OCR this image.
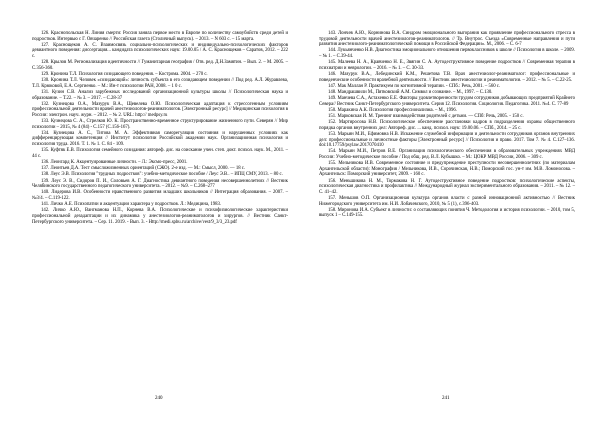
126. Краснопольская Н. Линия смерти: Россия заняла первое место в Европе по количеству самоубийств среди детей и подростков. Интервью с Г. Овчаренко // Российская газета (Столичный выпуск). – 2013. – N 603 с. – 15 марта.

127. Краснощеков А. С. Взаимосвязь социально-психологических и индивидуально-психологических факторов девиантного поведения: диссертация... кандидата психологических наук: 19.00.05 / А. С. Краснощеков – Саратов, 2012. – 222 с.

128. Крылов М. Регионализация идентичности // Гуманитарная география / Отв. ред. Д.Н.Замятин. – Вып. 2. – М. 2005. – С.356-360.

129. Кронина Т.Л. Психология созидающего поведения. – Кострома. 2004. – 270 с.

130. Кронина Т.Л. Человек «созидающий»: личность субъекта в его созидающем поведении // Под ред. А.Л. Журавлева, Т.Л. Крюковой, Е.А. Сергиенко. – М.: Ин-т психологии РАН, 2008. – 1 0 с.

131. Кузин С.В. Анализ зарубежных исследований организационной культуры школы // Психологическая наука и образование. – Т.22. – № 3. – 2017. – С.28-37

132. Кузнецова О.А., Мазурук В.А., Щевелева О.Ю. Психологическая адаптация к стрессогенным условиям профессиональной деятельности врачей анестезиологов-реаниматологов. [Электронный ресурс] // Медицинская психология в России: электрон. науч. журн. – 2012. – № 2. URL: http:// medpsy.ru

133. Кузнецова С. А., Стрелков Ю. К. Пространственно-временное структурирование жизненного пути. Северян // Мир психологии – 2015, № 4 (84) - С.157 (С.156-167).

134. Кузнецова А. С., Титова М. А. Эффективная саморегуляция состояния и нарушенных условиях как дифференцирующая компетенция // Институт психологии Российской академии наук. Организационная психология и психология труда. 2016. Т. 1. № 1. С. 84 - 109.

135. Куфтяк Е.В. Психология семейного созидания: автореф. дис. на соискание учен. степ. докт. психол. наук. М., 2011. – 44 с.

136. Леонгард К. Акцентуированные личности. – Л.: Эксмо-пресс, 2001.

137. Леонтьев Д.А. Тест смысложизненных ориентаций (СЖО). 2-е изд. — М.: Смысл, 2000. — 18 с.

138. Леус Э.В. Психология "трудных подростков": учебно-методическое пособие / Леус Э.В.. – ИПЦ СМУ, 2013. – 80 с.

139. Леус Э. В., Сидоров П. И., Соловьев А. Г. Диагностика девиантного поведения несовершеннолетних // Вестник Челябинского государственного педагогического университета. – 2012. – №9. – С.268–277

140. Лидерова И.В. Особенности нравственного развития младших школьников // Интеграция образования. – 2007. – №3/4. – С.119-122.

141. Личко А.Е. Психопатии и акцентуации характера у подростков. Л.: Медицина, 1983.

142. Личко А.Ю., Вангманова Н.П., Корнева В.А. Психологические и психофизиологические характеристики профессиональной дезадаптации и их динамика у анестезиологов-реаниматологов и хирургов. // Вестник Санкт-Петербургского университета. – Сер. 11. 2019. - Вып. 3. - Http://medi.spbu.ru/archive/vest/9_3/3_23.pdf

143. Лончев А.Ю., Корнинова В.А. Синдром эмоционального выгорания как проявление профессионального стресса в трудовой деятельности врачей анестезиологов-реаниматологов. // Тр. Внутрос. Съезда «Современные направления и пути развития анестезиолого-реаниматологической помощи в Российской Федерации». М., 2006. – С. 6-7

144. Лукьянченко Н.В. Диагностика эмоционального отношения первоклассников к школе // Психология в школе. – 2009. – № 1. – С.39-44.

145. Малеева Н. А., Кравченко Н. Е., Звягин С. А. Аутодеструктивное поведение подростков // Современная терапия в психиатрии и неврологии. – 2016. – № 1. – С. 30-33.

146. Мазурук В.А., Лебединский К.М., Решетова Т.В. Врач анестезиолог-реаниматолог: профессиональные и поведенческие особенности врачебной деятельности. // Вестник анестезиологии и реаниматологии. – 2012. – № 5. – С.22-25.

147. Мак Маллан Р. Практикуем по когнитивной терапии. - СПб.: Речь, 2001. – 560 с.

148. Мандрашвили М., Пятковский А.М. Символ и сознание. – М., 1997. – С.130.

149. Манчева С.А., Астахенко Е.Е. Факторы удовлетворенности трудом сотрудников добывающих предприятий Крайнего Севера// Вестник Санкт-Петербургского университета. Серия 12. Психология. Социология. Педагогика. 2011. №4. С. 77-89

150. Маракина А.К. Психология профессионализма. – М., 1996.

151. Марковская И. М. Тренинг взаимодействия родителей с детьми. — СПб: Речь, 2005. - 150 с.

152. Мартиросова Н.В. Психологическое обеспечение расстановки кадров в подразделения охраны общественного порядка органов внутренних дел: Автореф. дис. ... канд. психол. наук: 19.00.06. – СПб., 2014. – 25 с.

153. Марьин М.И., Ефимовна Н.В. Искажение служебной информации и деятельности сотрудников органов внутренних дел: профессиональные и личностные факторы [Электронный ресурс] // Психология и право. 2017. Том 7. № 4. С.127–136. doi:10.17759/psylaw.2017070410

154. Марьин М.И., Петров В.Е. Организация психологического обеспечения в образовательных учреждениях МВД России: Учебно-методическое пособие / Под общ. ред. В.Л. Кубышко. – М.: ЦОКР МВД России, 2006. – 309 с.

155. Мельникова И.В. Современное состояние и предупреждение преступности несовершеннолетних (по материалам Архангельской области): Монография / Мельникова, И.В., Сорочинская, Н.В.; Поморский гос. ун-т им. М.В. Ломоносова. – Архангельск: Поморский университет, 2009. - 160 с.

156. Меньшикова Н. М., Тормакова Н. Г. Аутодеструктивное поведение подростков: психологические аспекты, психологическая диагностика и профилактика // Международный журнал экспериментального образования. – 2011. – № 12. – С. 41–42.

157. Меньшов О.П. Организационная культура органов власти с разной инновационной активностью // Вестник Нижегородского университета им. Н.И. Лобачевского, 2010, № 5 (1), с.396-403.

158. Миронова И.А. Субъект в личности: о составляющих понятия Ч. Методология и история психологии. – 2010, том 5, выпуск 1 – С.149-155.

240	241
